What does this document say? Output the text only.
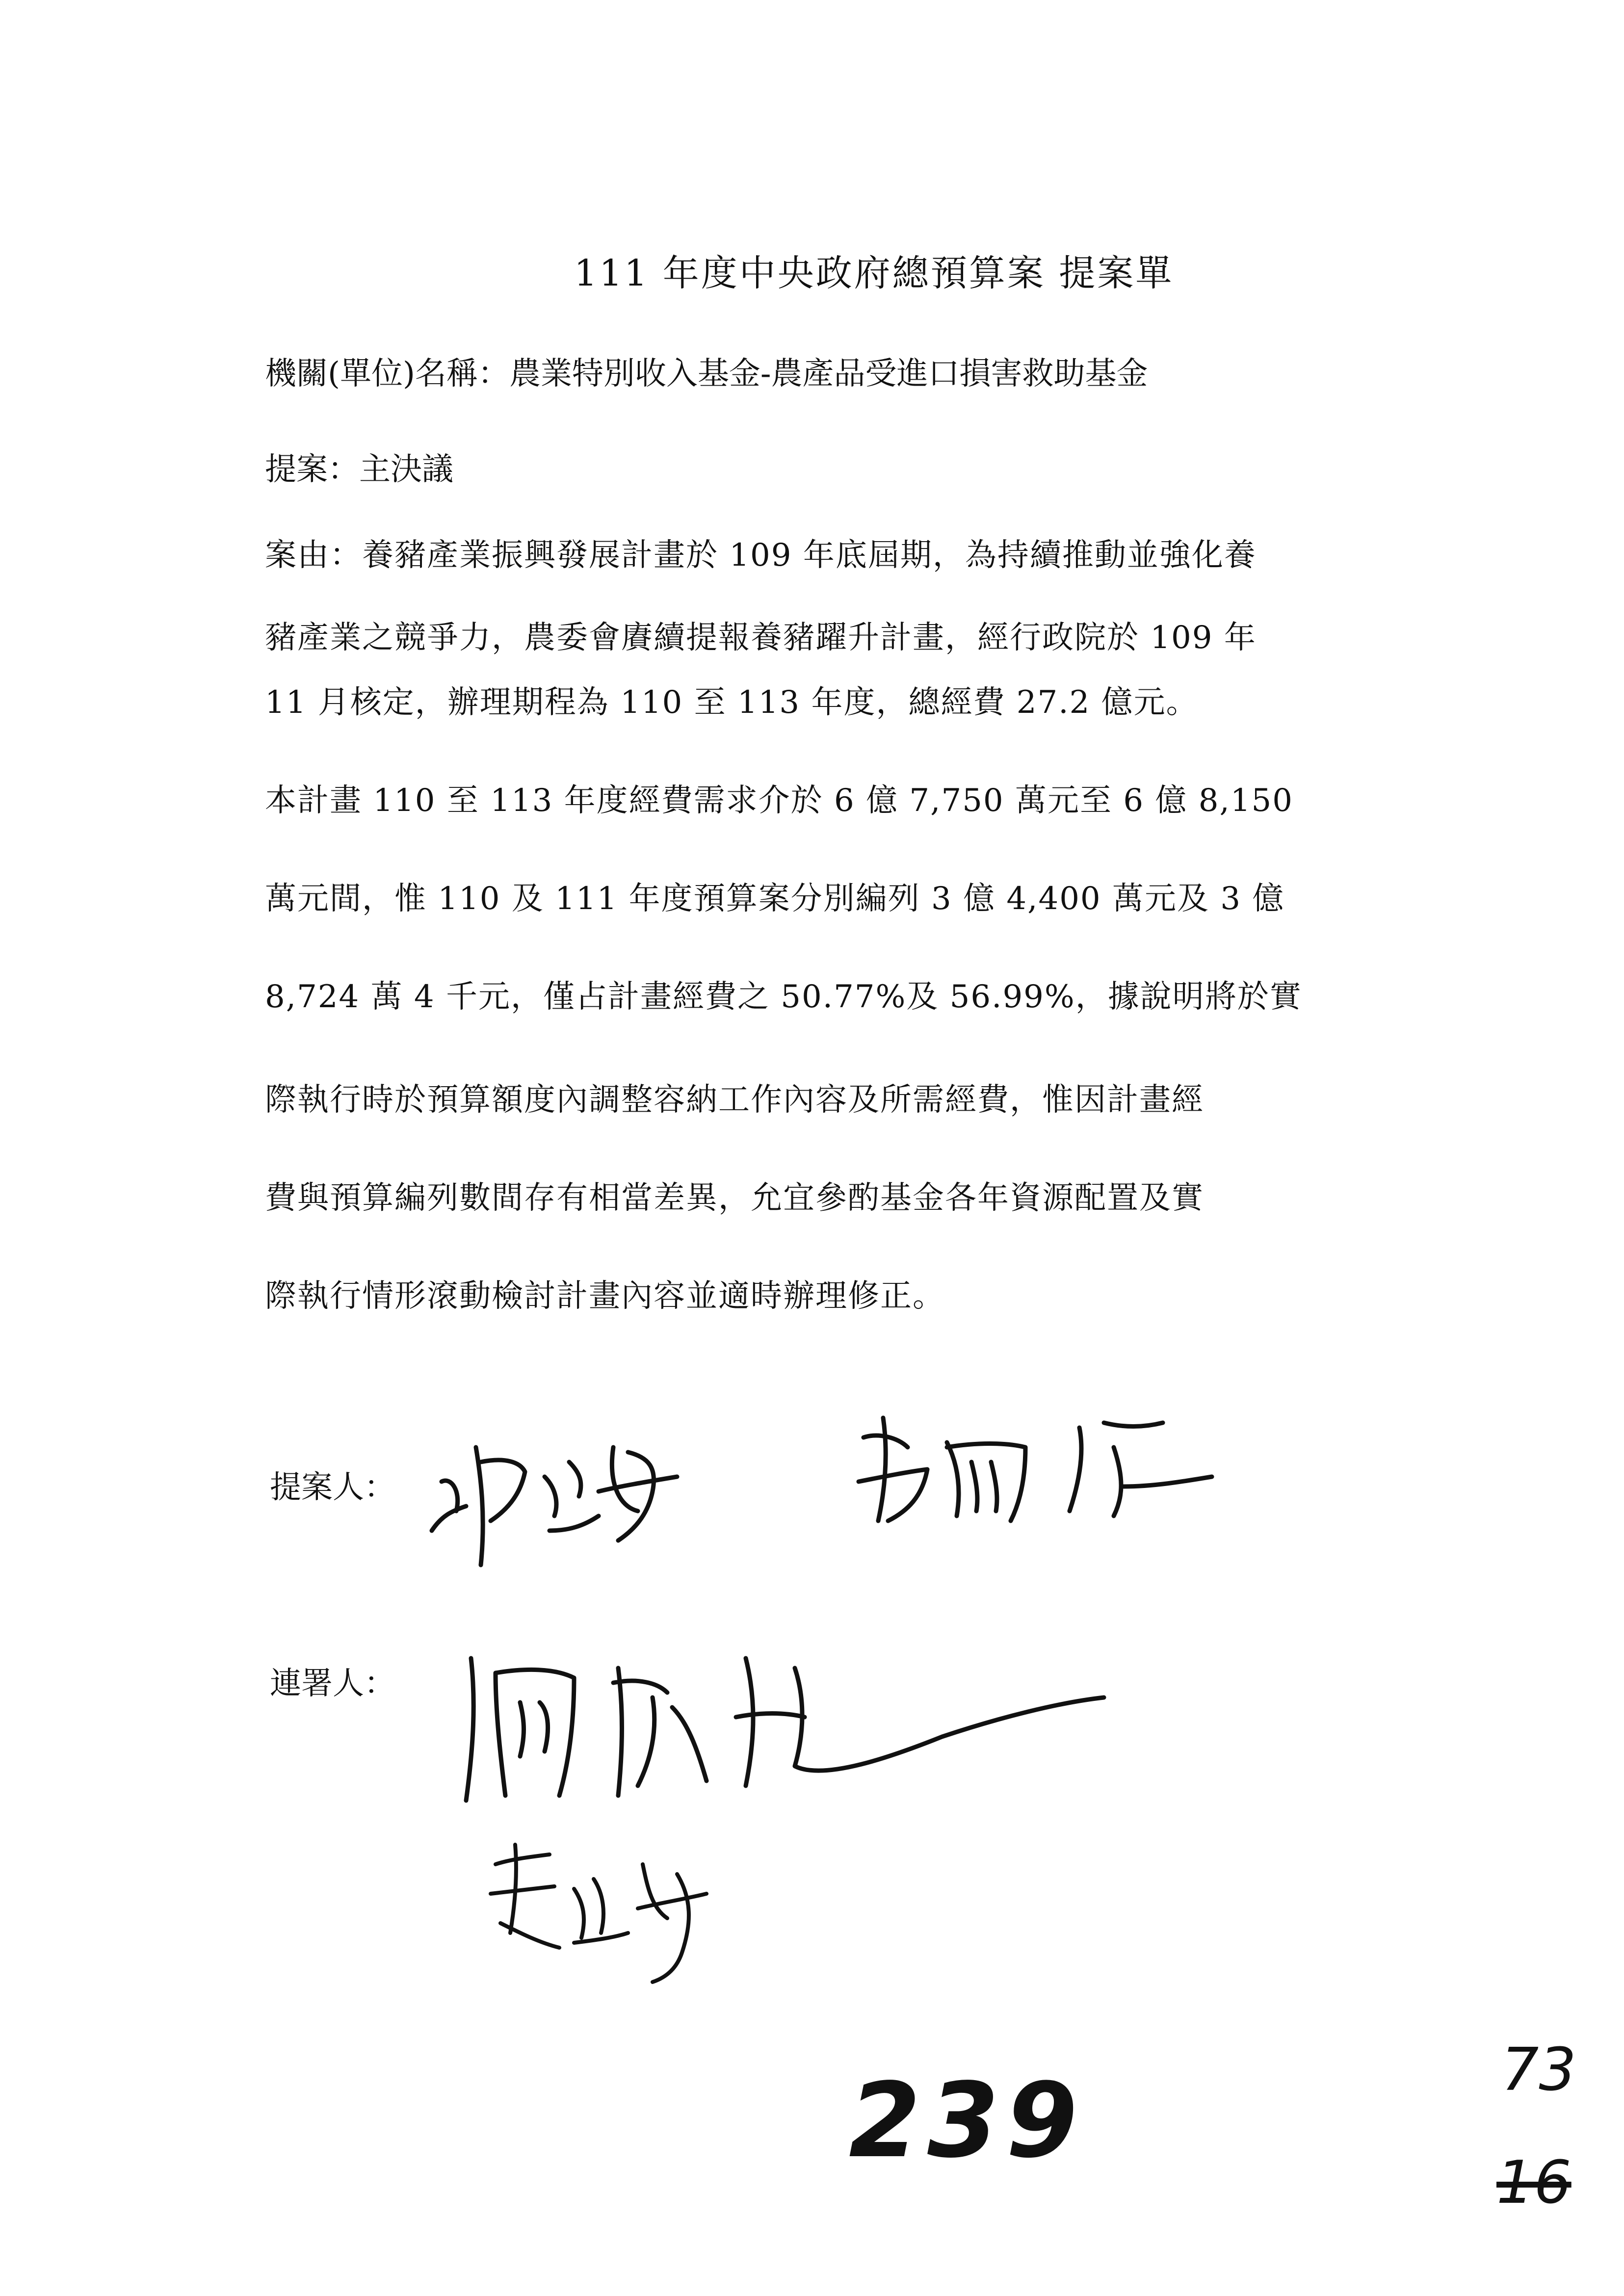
111 年度中央政府總預算案 提案單
機關(單位)名稱：農業特別收入基金-農產品受進口損害救助基金
提案：主決議
案由：養豬產業振興發展計畫於 109 年底屆期，為持續推動並強化養
豬產業之競爭力，農委會賡續提報養豬躍升計畫，經行政院於 109 年
11 月核定，辦理期程為 110 至 113 年度，總經費 27.2 億元。
本計畫 110 至 113 年度經費需求介於 6 億 7,750 萬元至 6 億 8,150
萬元間，惟 110 及 111 年度預算案分別編列 3 億 4,400 萬元及 3 億
8,724 萬 4 千元，僅占計畫經費之 50.77%及 56.99%，據說明將於實
際執行時於預算額度內調整容納工作內容及所需經費，惟因計畫經
費與預算編列數間存有相當差異，允宜參酌基金各年資源配置及實
際執行情形滾動檢討計畫內容並適時辦理修正。
提案人：
連署人：
239	73
16
